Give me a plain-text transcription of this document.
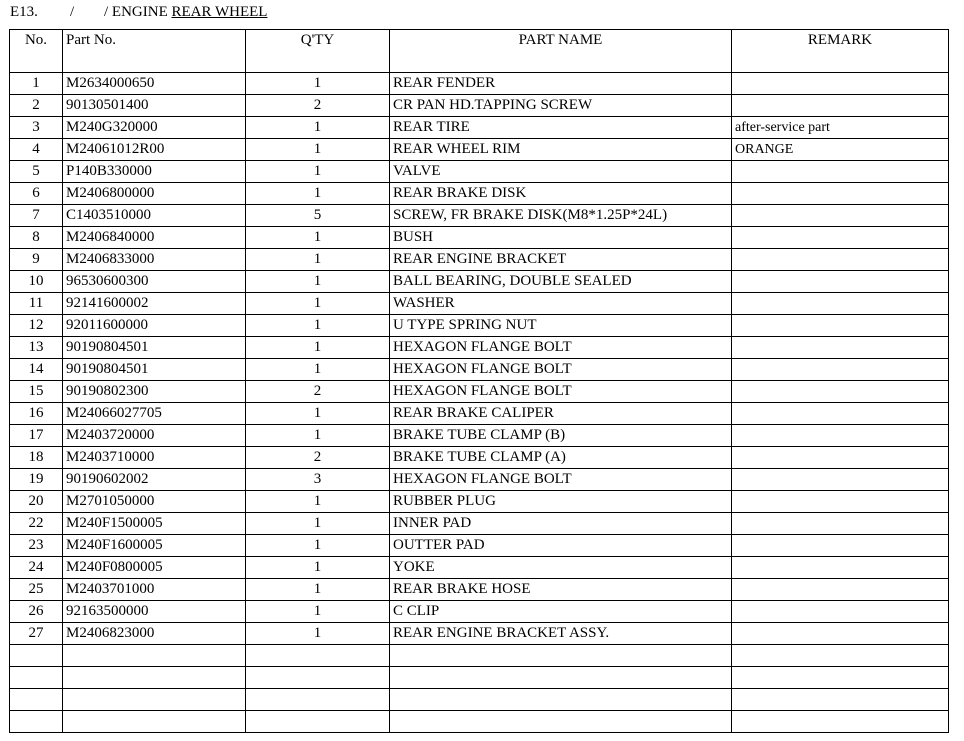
E13. / / ENGINE REAR WHEEL
No.	Part No.	Q'TY	PART NAME	REMARK
1	M2634000650	1	REAR FENDER	
2	90130501400	2	CR PAN HD.TAPPING SCREW	
3	M240G320000	1	REAR TIRE	after-service part
4	M24061012R00	1	REAR WHEEL RIM	ORANGE
5	P140B330000	1	VALVE	
6	M2406800000	1	REAR BRAKE DISK	
7	C1403510000	5	SCREW, FR BRAKE DISK(M8*1.25P*24L)	
8	M2406840000	1	BUSH	
9	M2406833000	1	REAR ENGINE BRACKET	
10	96530600300	1	BALL BEARING, DOUBLE SEALED	
11	92141600002	1	WASHER	
12	92011600000	1	U TYPE SPRING NUT	
13	90190804501	1	HEXAGON FLANGE BOLT	
14	90190804501	1	HEXAGON FLANGE BOLT	
15	90190802300	2	HEXAGON FLANGE BOLT	
16	M24066027705	1	REAR BRAKE CALIPER	
17	M2403720000	1	BRAKE TUBE CLAMP (B)	
18	M2403710000	2	BRAKE TUBE CLAMP (A)	
19	90190602002	3	HEXAGON FLANGE BOLT	
20	M2701050000	1	RUBBER PLUG	
22	M240F1500005	1	INNER PAD	
23	M240F1600005	1	OUTTER PAD	
24	M240F0800005	1	YOKE	
25	M2403701000	1	REAR BRAKE HOSE	
26	92163500000	1	C CLIP	
27	M2406823000	1	REAR ENGINE BRACKET ASSY.	
